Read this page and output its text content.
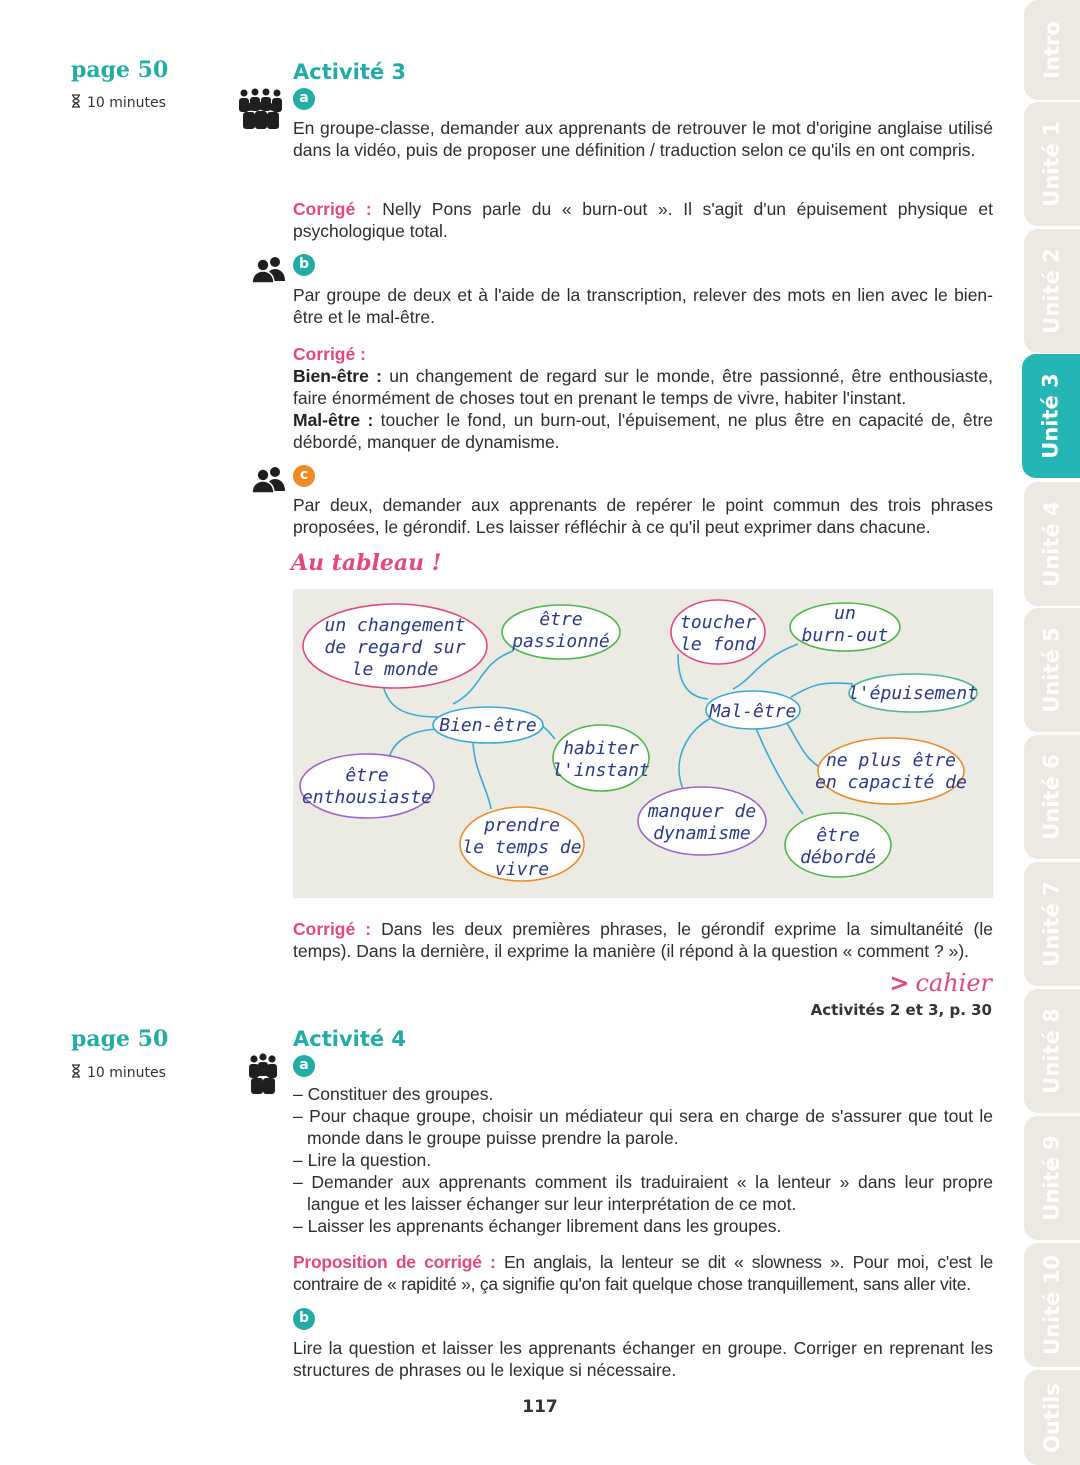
Intro
Unité 1
Unité 2
Unité 3
Unité 4
Unité 5
Unité 6
Unité 7
Unité 8
Unité 9
Unité 10
Outils
page 50
10 minutes
Activité 3
a
En groupe-classe, demander aux apprenants de retrouver le mot d'origine anglaise utilisé dans la vidéo, puis de proposer une définition / traduction selon ce qu'ils en ont compris.
Corrigé : Nelly Pons parle du « burn-out ». Il s'agit d'un épuisement physique et psychologique total.
b
Par groupe de deux et à l'aide de la transcription, relever des mots en lien avec le bien-être et le mal-être.
Corrigé :
Bien-être : un changement de regard sur le monde, être passionné, être enthousiaste, faire énormément de choses tout en prenant le temps de vivre, habiter l'instant.
Mal-être : toucher le fond, un burn-out, l'épuisement, ne plus être en capacité de, être débordé, manquer de dynamisme.
c
Par deux, demander aux apprenants de repérer le point commun des trois phrases proposées, le gérondif. Les laisser réfléchir à ce qu'il peut exprimer dans chacune.
Au tableau !
Bien-être
un changement
de regard sur
le monde
être
passionné
habiter
l'instant
être
enthousiaste
prendre
le temps de
vivre
Mal-être
toucher
le fond
un
burn-out
l'épuisement
ne plus être
en capacité de
être
débordé
manquer de
dynamisme
Corrigé : Dans les deux premières phrases, le gérondif exprime la simultanéité (le temps). Dans la dernière, il exprime la manière (il répond à la question « comment ? »).
> cahier
Activités 2 et 3, p. 30
page 50
10 minutes
Activité 4
a
– Constituer des groupes.
– Pour chaque groupe, choisir un médiateur qui sera en charge de s'assurer que tout le monde dans le groupe puisse prendre la parole.
– Lire la question.
– Demander aux apprenants comment ils traduiraient « la lenteur » dans leur propre langue et les laisser échanger sur leur interprétation de ce mot.
– Laisser les apprenants échanger librement dans les groupes.
Proposition de corrigé : En anglais, la lenteur se dit « slowness ». Pour moi, c'est le contraire de « rapidité », ça signifie qu'on fait quelque chose tranquillement, sans aller vite.
b
Lire la question et laisser les apprenants échanger en groupe. Corriger en reprenant les structures de phrases ou le lexique si nécessaire.
117
